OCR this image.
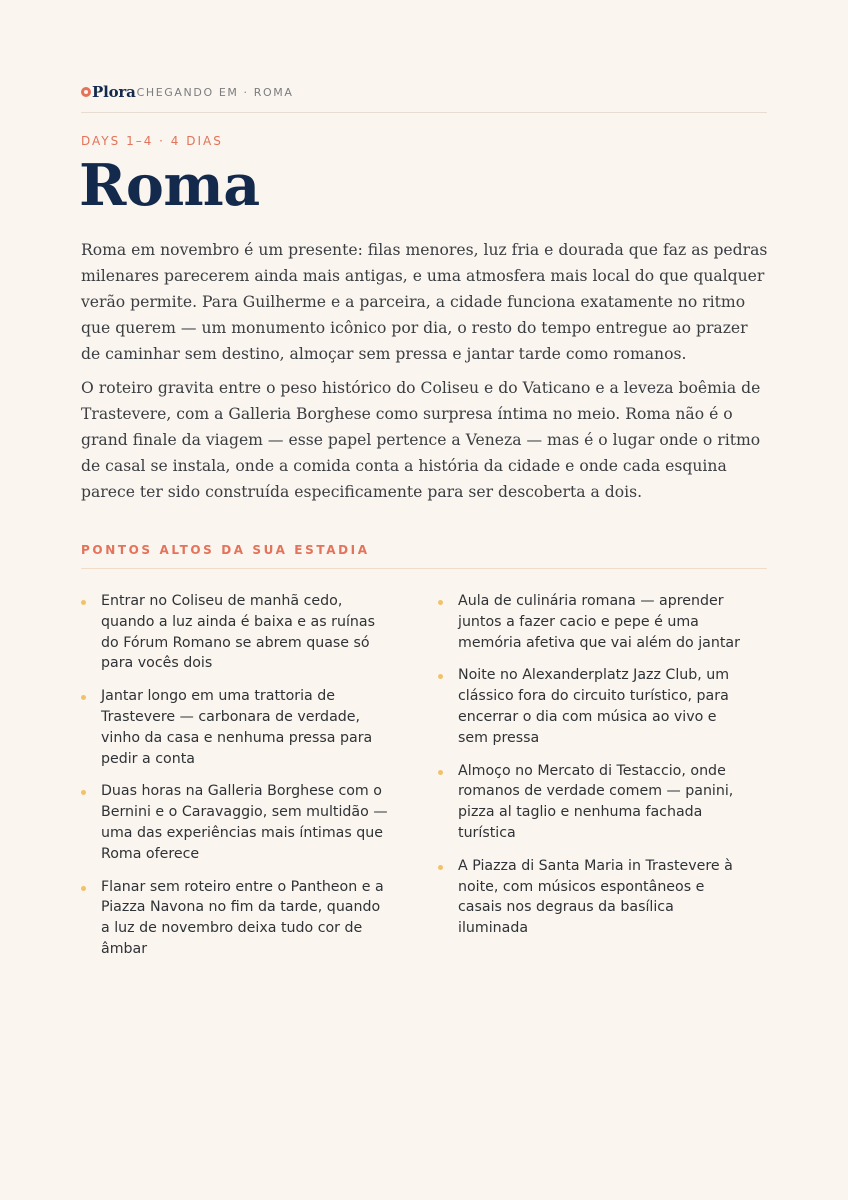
Plora CHEGANDO EM · ROMA
DAYS 1–4 · 4 DIAS
Roma

Roma em novembro é um presente: filas menores, luz fria e dourada que faz as pedras milenares parecerem ainda mais antigas, e uma atmosfera mais local do que qualquer verão permite. Para Guilherme e a parceira, a cidade funciona exatamente no ritmo que querem — um monumento icônico por dia, o resto do tempo entregue ao prazer de caminhar sem destino, almoçar sem pressa e jantar tarde como romanos.

O roteiro gravita entre o peso histórico do Coliseu e do Vaticano e a leveza boêmia de Trastevere, com a Galleria Borghese como surpresa íntima no meio. Roma não é o grand finale da viagem — esse papel pertence a Veneza — mas é o lugar onde o ritmo de casal se instala, onde a comida conta a história da cidade e onde cada esquina parece ter sido construída especificamente para ser descoberta a dois.

PONTOS ALTOS DA SUA ESTADIA
Entrar no Coliseu de manhã cedo, quando a luz ainda é baixa e as ruínas do Fórum Romano se abrem quase só para vocês dois
Jantar longo em uma trattoria de Trastevere — carbonara de verdade, vinho da casa e nenhuma pressa para pedir a conta
Duas horas na Galleria Borghese com o Bernini e o Caravaggio, sem multidão — uma das experiências mais íntimas que Roma oferece
Flanar sem roteiro entre o Pantheon e a Piazza Navona no fim da tarde, quando a luz de novembro deixa tudo cor de âmbar
Aula de culinária romana — aprender juntos a fazer cacio e pepe é uma memória afetiva que vai além do jantar
Noite no Alexanderplatz Jazz Club, um clássico fora do circuito turístico, para encerrar o dia com música ao vivo e sem pressa
Almoço no Mercato di Testaccio, onde romanos de verdade comem — panini, pizza al taglio e nenhuma fachada turística
A Piazza di Santa Maria in Trastevere à noite, com músicos espontâneos e casais nos degraus da basílica iluminada
